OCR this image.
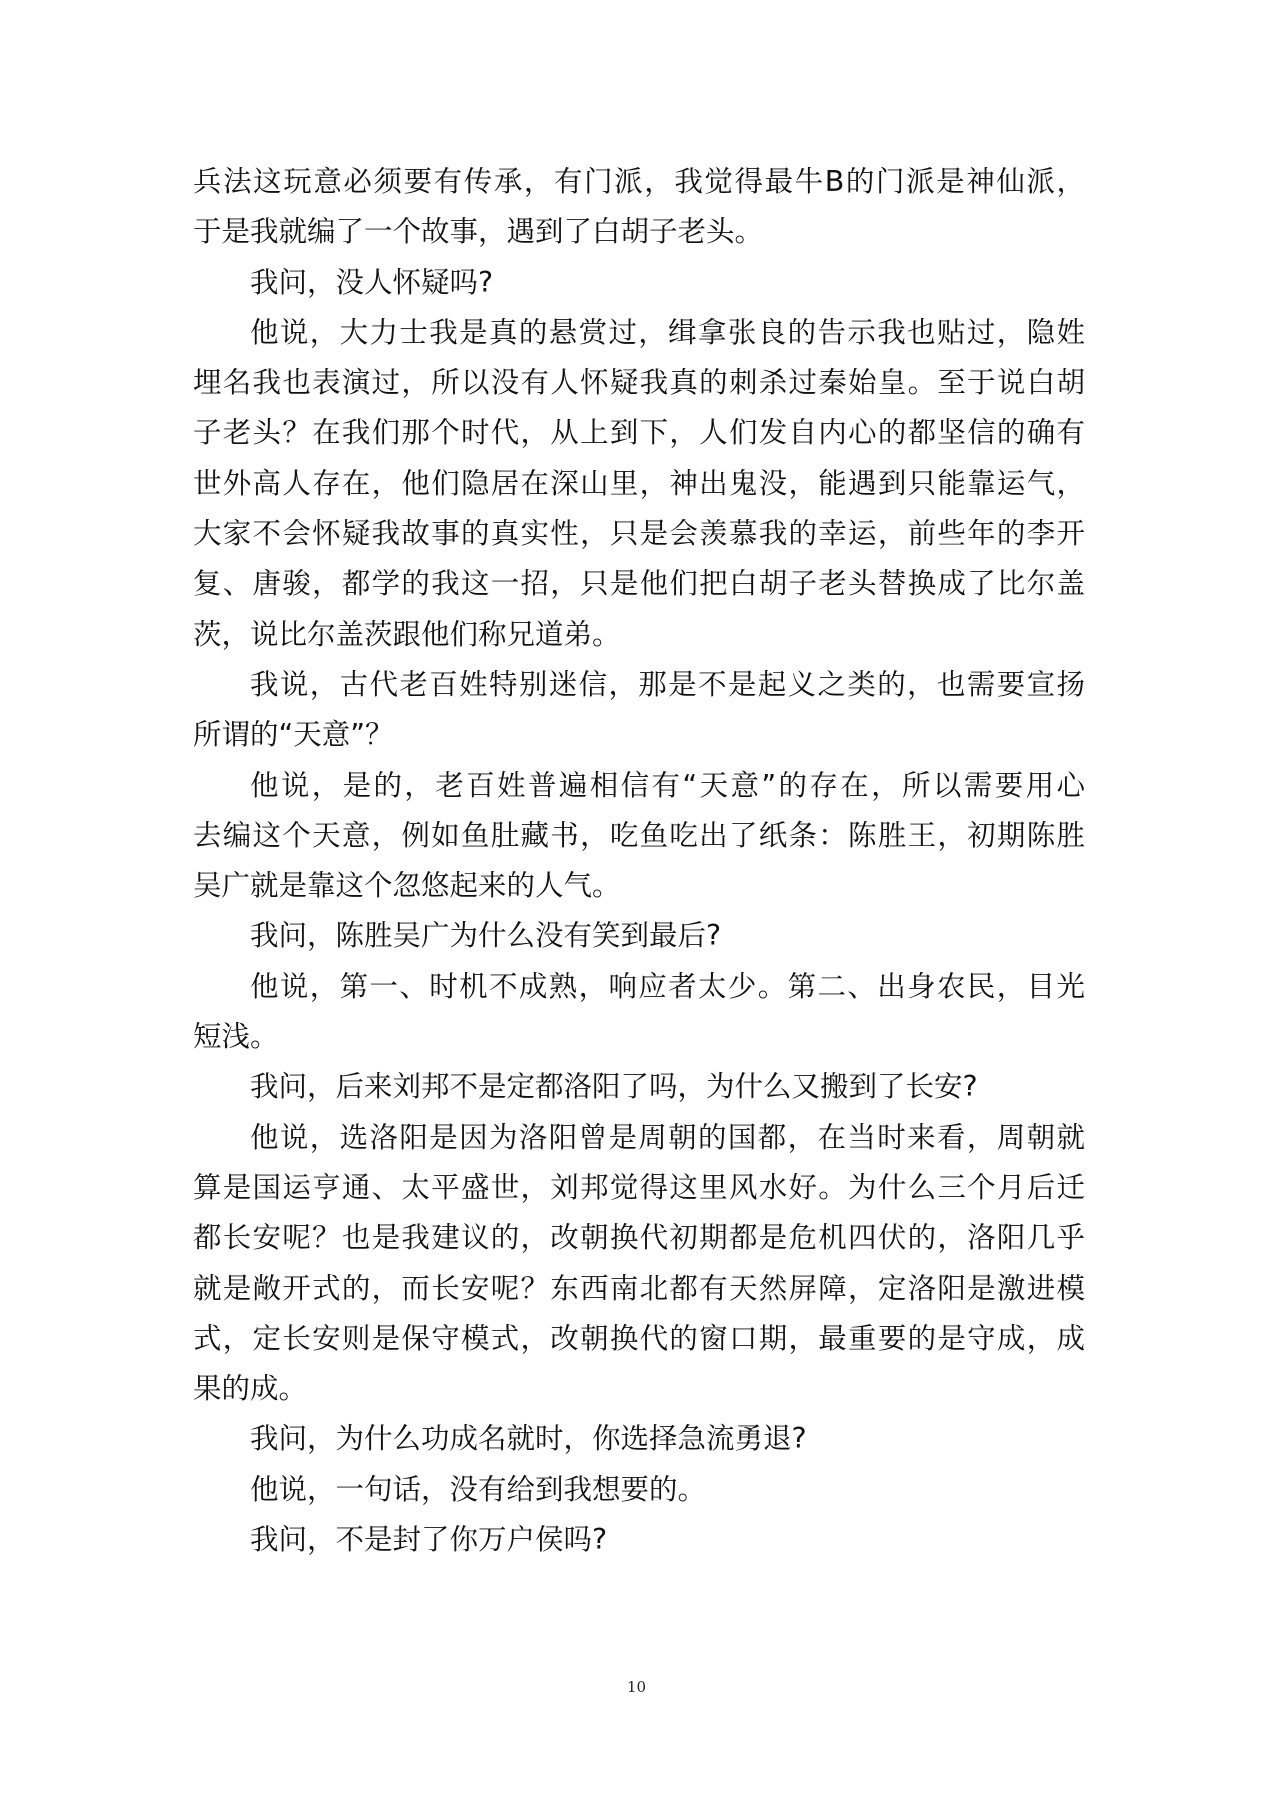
兵法这玩意必须要有传承，有门派，我觉得最牛B的门派是神仙派，
于是我就编了一个故事，遇到了白胡子老头。
我问，没人怀疑吗?
他说，大力士我是真的悬赏过，缉拿张良的告示我也贴过，隐姓
埋名我也表演过，所以没有人怀疑我真的刺杀过秦始皇。至于说白胡
子老头？在我们那个时代，从上到下，人们发自内心的都坚信的确有
世外高人存在，他们隐居在深山里，神出鬼没，能遇到只能靠运气，
大家不会怀疑我故事的真实性，只是会羡慕我的幸运，前些年的李开
复、唐骏，都学的我这一招，只是他们把白胡子老头替换成了比尔盖
茨，说比尔盖茨跟他们称兄道弟。
我说，古代老百姓特别迷信，那是不是起义之类的，也需要宣扬
所谓的“天意”？
他说，是的，老百姓普遍相信有“天意”的存在，所以需要用心
去编这个天意，例如鱼肚藏书，吃鱼吃出了纸条：陈胜王，初期陈胜
吴广就是靠这个忽悠起来的人气。
我问，陈胜吴广为什么没有笑到最后?
他说，第一、时机不成熟，响应者太少。第二、出身农民，目光
短浅。
我问，后来刘邦不是定都洛阳了吗，为什么又搬到了长安?
他说，选洛阳是因为洛阳曾是周朝的国都，在当时来看，周朝就
算是国运亨通、太平盛世，刘邦觉得这里风水好。为什么三个月后迁
都长安呢？也是我建议的，改朝换代初期都是危机四伏的，洛阳几乎
就是敞开式的，而长安呢？东西南北都有天然屏障，定洛阳是激进模
式，定长安则是保守模式，改朝换代的窗口期，最重要的是守成，成
果的成。
我问，为什么功成名就时，你选择急流勇退?
他说，一句话，没有给到我想要的。
我问，不是封了你万户侯吗?
10
